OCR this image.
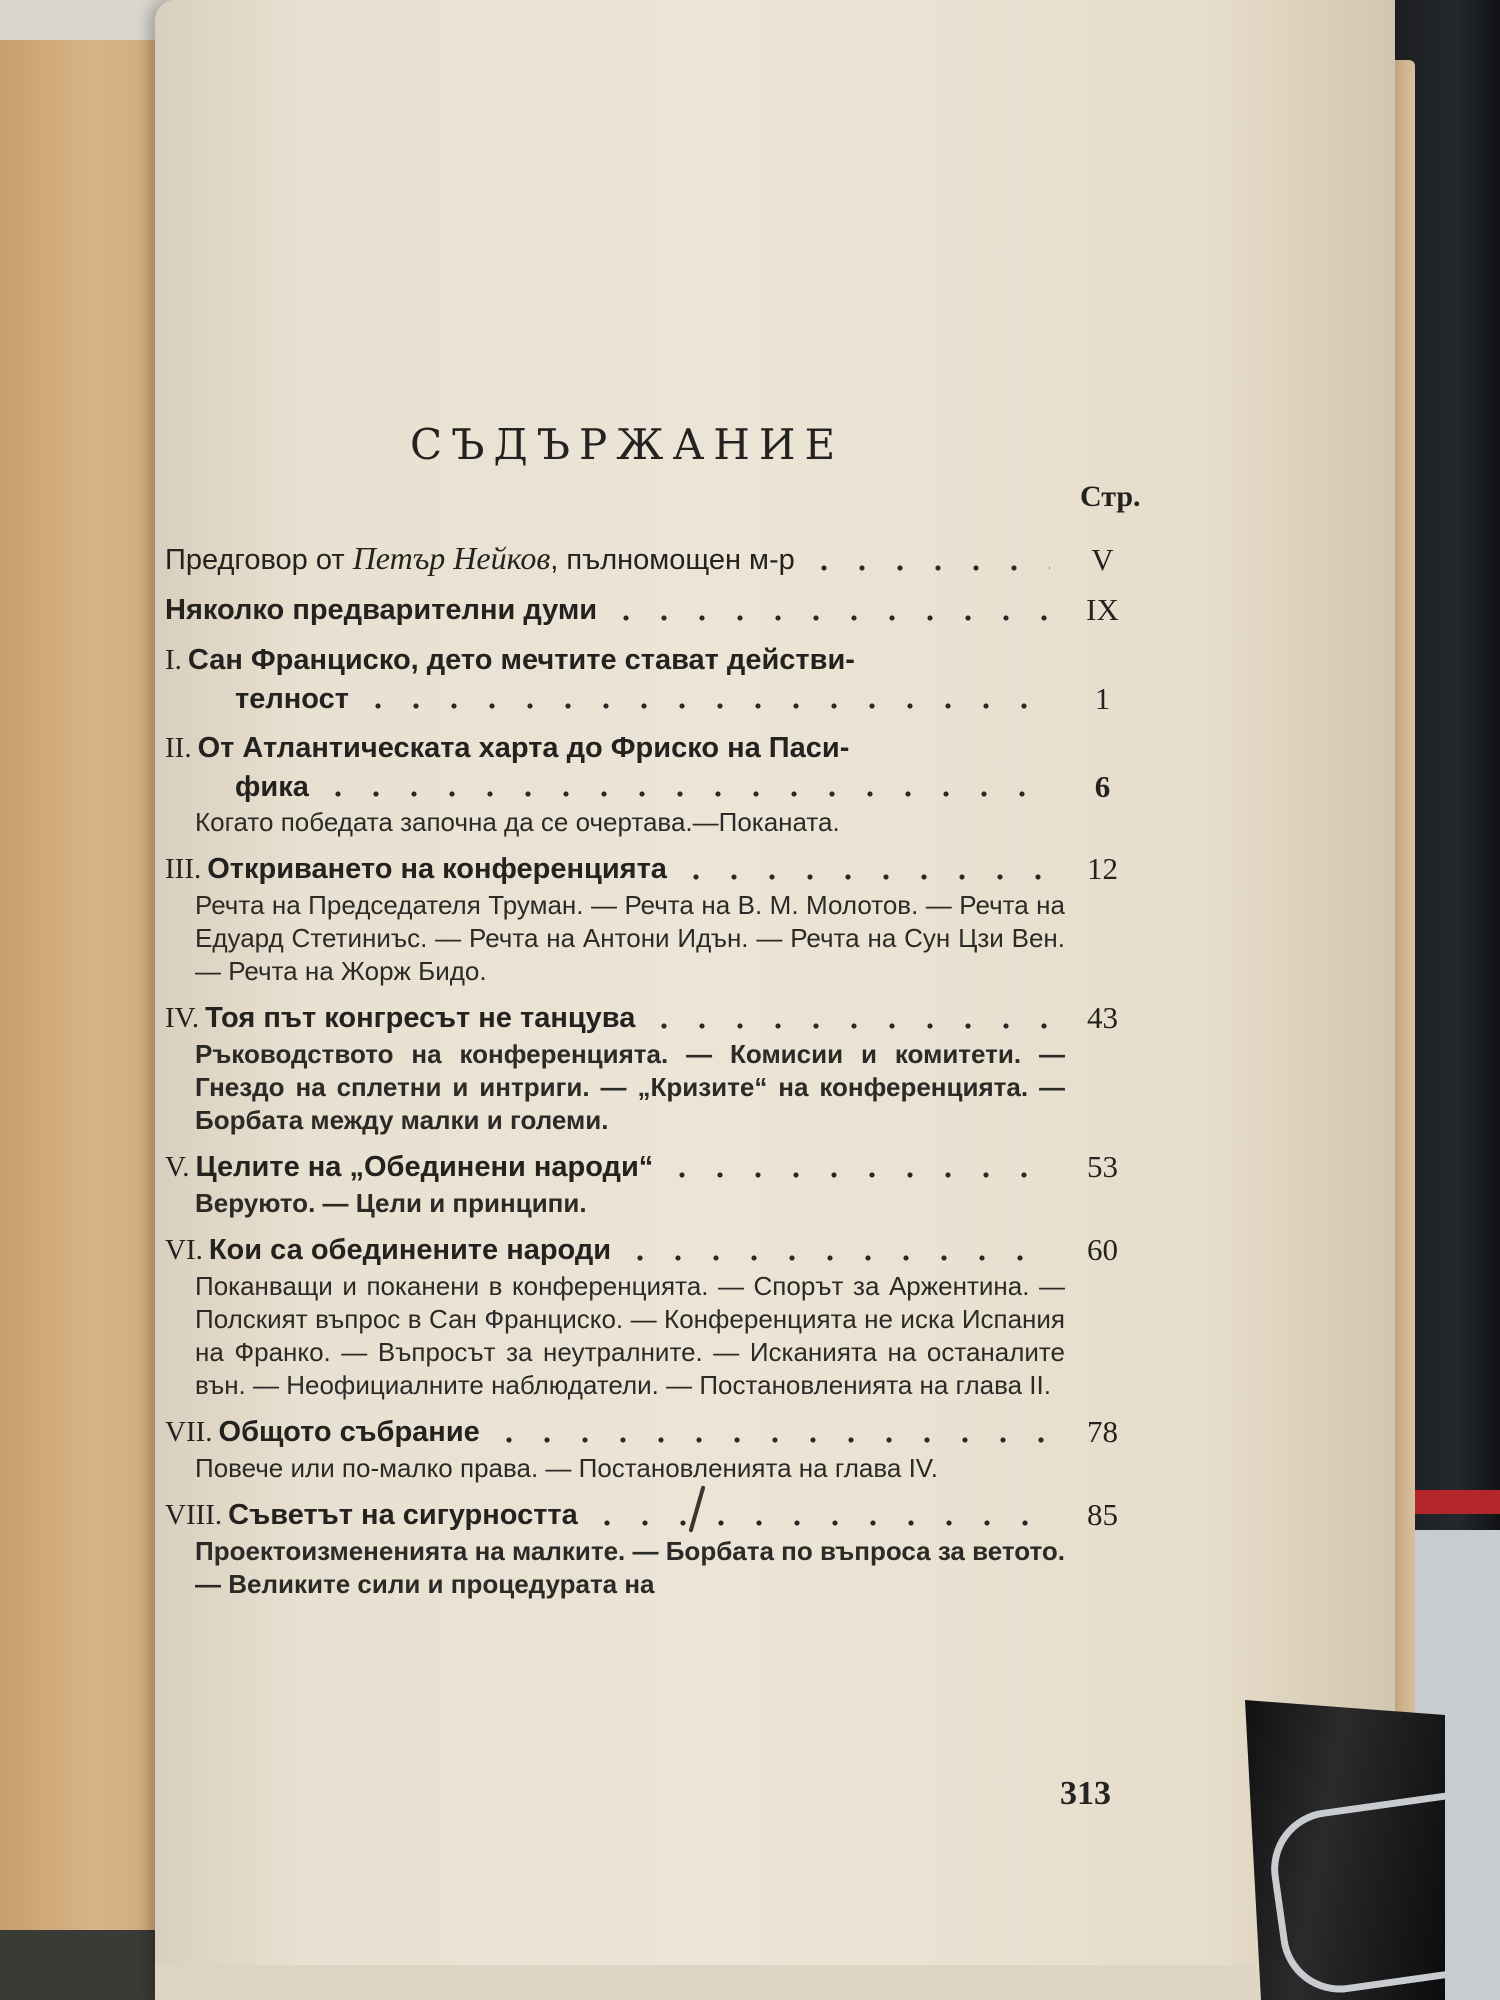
СЪДЪРЖАНИЕ
Стр.
Предговор от Петър Нейков, пълномощен м-р	V
Няколко предварителни думи	IX
I. Сан Франциско, дето мечтите стават действи-
телност	1
II. От Атлантическата харта до Фриско на Паси-
фика	6
Когато победата започна да се очертава.—Поканата.
III. Откриването на конференцията	12
Речта на Председателя Труман. — Речта на В. М. Молотов. — Речта на Едуард Стетиниъс. — Речта на Антони Идън. — Речта на Сун Цзи Вен. — Речта на Жорж Бидо.
IV. Тоя път конгресът не танцува	43
Ръководството на конференцията. — Комисии и комитети. — Гнездо на сплетни и интриги. — „Кризите“ на конференцията. — Борбата между малки и големи.
V. Целите на „Обединени народи“	53
Веруюто. — Цели и принципи.
VI. Кои са обединените народи	60
Поканващи и поканени в конференцията. — Спорът за Аржентина. — Полският въпрос в Сан Франциско. — Конференцията не иска Испания на Франко. — Въпросът за неутралните. — Исканията на останалите вън. — Неофициалните наблюдатели. — Постановленията на глава II.
VII. Общото събрание	78
Повече или по-малко права. — Постановленията на глава IV.
VIII. Съветът на сигурността	85
Проектоизмененията на малките. — Борбата по въпроса за ветото. — Великите сили и процедурата на
313
